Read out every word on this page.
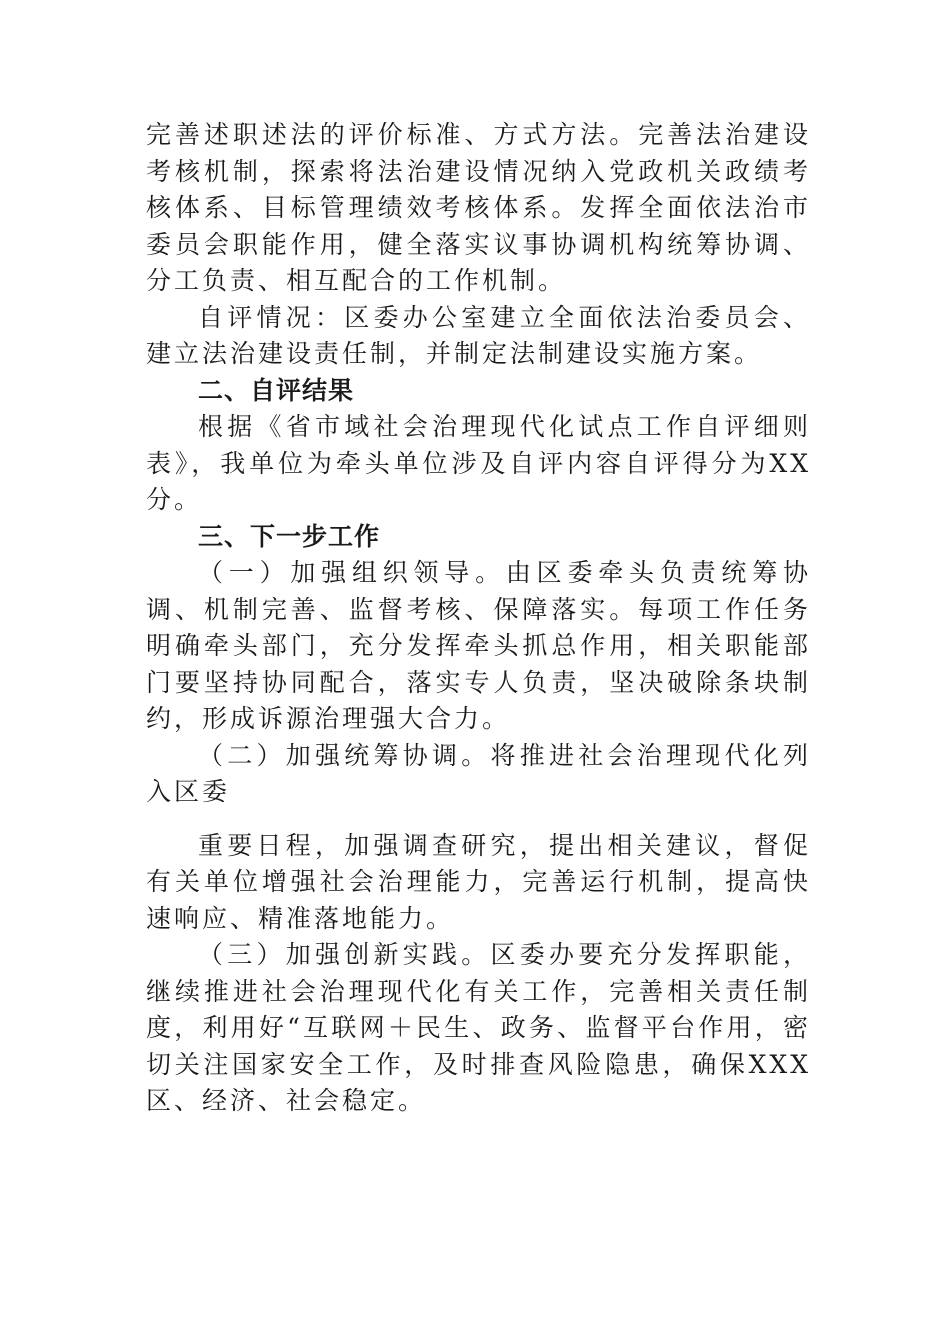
完善述职述法的评价标准、方式方法。完善法治建设考核机制，探索将法治建设情况纳入党政机关政绩考核体系、目标管理绩效考核体系。发挥全面依法治市委员会职能作用，健全落实议事协调机构统筹协调、分工负责、相互配合的工作机制。

自评情况：区委办公室建立全面依法治委员会、建立法治建设责任制，并制定法制建设实施方案。

二、自评结果

根据《省市域社会治理现代化试点工作自评细则表》，我单位为牵头单位涉及自评内容自评得分为XX分。

三、下一步工作

（一）加强组织领导。由区委牵头负责统筹协调、机制完善、监督考核、保障落实。每项工作任务明确牵头部门，充分发挥牵头抓总作用，相关职能部门要坚持协同配合，落实专人负责，坚决破除条块制约，形成诉源治理强大合力。

（二）加强统筹协调。将推进社会治理现代化列入区委

重要日程，加强调查研究，提出相关建议，督促有关单位增强社会治理能力，完善运行机制，提高快速响应、精准落地能力。

（三）加强创新实践。区委办要充分发挥职能，继续推进社会治理现代化有关工作，完善相关责任制度，利用好“互联网＋民生、政务、监督平台作用，密切关注国家安全工作，及时排查风险隐患，确保XXX区、经济、社会稳定。
